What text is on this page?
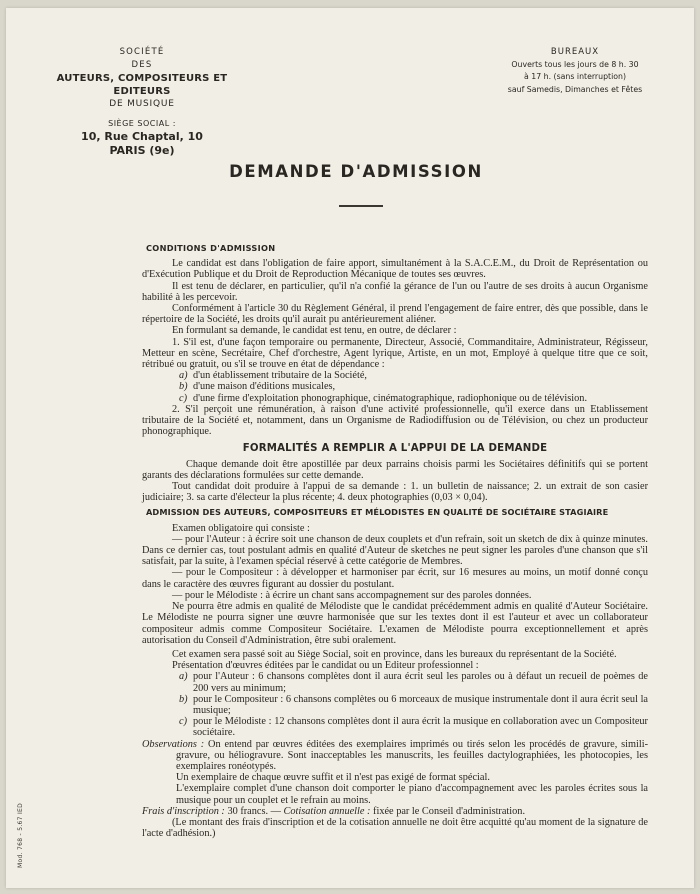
SOCIÉTÉ
DES
AUTEURS, COMPOSITEURS ET EDITEURS
DE MUSIQUE
SIÈGE SOCIAL :
10, Rue Chaptal, 10
PARIS (9e)
BUREAUX
Ouverts tous les jours de 8 h. 30
à 17 h. (sans interruption)
sauf Samedis, Dimanches et Fêtes
DEMANDE D'ADMISSION
CONDITIONS D'ADMISSION

Le candidat est dans l'obligation de faire apport, simultanément à la S.A.C.E.M., du Droit de Représentation ou d'Exécution Publique et du Droit de Reproduction Mécanique de toutes ses œuvres.

Il est tenu de déclarer, en particulier, qu'il n'a confié la gérance de l'un ou l'autre de ses droits à aucun Organisme habilité à les percevoir.

Conformément à l'article 30 du Règlement Général, il prend l'engagement de faire entrer, dès que possible, dans le répertoire de la Société, les droits qu'il aurait pu antérieurement aliéner.

En formulant sa demande, le candidat est tenu, en outre, de déclarer :

1. S'il est, d'une façon temporaire ou permanente, Directeur, Associé, Commanditaire, Administrateur, Régisseur, Metteur en scène, Secrétaire, Chef d'orchestre, Agent lyrique, Artiste, en un mot, Employé à quelque titre que ce soit, rétribué ou gratuit, ou s'il se trouve en état de dépendance :

a) d'un établissement tributaire de la Société,
b) d'une maison d'éditions musicales,
c) d'une firme d'exploitation phonographique, cinématographique, radiophonique ou de télévision.

2. S'il perçoit une rémunération, à raison d'une activité professionnelle, qu'il exerce dans un Etablissement tributaire de la Société et, notamment, dans un Organisme de Radiodiffusion ou de Télévision, ou chez un producteur phonographique.

FORMALITÉS A REMPLIR A L'APPUI DE LA DEMANDE

Chaque demande doit être apostillée par deux parrains choisis parmi les Sociétaires définitifs qui se portent garants des déclarations formulées sur cette demande.

Tout candidat doit produire à l'appui de sa demande : 1. un bulletin de naissance; 2. un extrait de son casier judiciaire; 3. sa carte d'électeur la plus récente; 4. deux photographies (0,03 × 0,04).

ADMISSION DES AUTEURS, COMPOSITEURS ET MÉLODISTES EN QUALITÉ DE SOCIÉTAIRE STAGIAIRE

Examen obligatoire qui consiste :

— pour l'Auteur : à écrire soit une chanson de deux couplets et d'un refrain, soit un sketch de dix à quinze minutes. Dans ce dernier cas, tout postulant admis en qualité d'Auteur de sketches ne peut signer les paroles d'une chanson que s'il satisfait, par la suite, à l'examen spécial réservé à cette catégorie de Membres.

— pour le Compositeur : à développer et harmoniser par écrit, sur 16 mesures au moins, un motif donné conçu dans le caractère des œuvres figurant au dossier du postulant.

— pour le Mélodiste : à écrire un chant sans accompagnement sur des paroles données.

Ne pourra être admis en qualité de Mélodiste que le candidat précédemment admis en qualité d'Auteur Sociétaire. Le Mélodiste ne pourra signer une œuvre harmonisée que sur les textes dont il est l'auteur et avec un collaborateur compositeur admis comme Compositeur Sociétaire. L'examen de Mélodiste pourra exceptionnellement et après autorisation du Conseil d'Administration, être subi oralement.

Cet examen sera passé soit au Siège Social, soit en province, dans les bureaux du représentant de la Société.

Présentation d'œuvres éditées par le candidat ou un Editeur professionnel :

a) pour l'Auteur : 6 chansons complètes dont il aura écrit seul les paroles ou à défaut un recueil de poèmes de 200 vers au minimum;
b) pour le Compositeur : 6 chansons complètes ou 6 morceaux de musique instrumentale dont il aura écrit seul la musique;
c) pour le Mélodiste : 12 chansons complètes dont il aura écrit la musique en collaboration avec un Compositeur sociétaire.

Observations : On entend par œuvres éditées des exemplaires imprimés ou tirés selon les procédés de gravure, simili-gravure, ou héliogravure. Sont inacceptables les manuscrits, les feuilles dactylographiées, les photocopies, les exemplaires ronéotypés.

Un exemplaire de chaque œuvre suffit et il n'est pas exigé de format spécial.

L'exemplaire complet d'une chanson doit comporter le piano d'accompagnement avec les paroles écrites sous la musique pour un couplet et le refrain au moins.

Frais d'inscription : 30 francs. — Cotisation annuelle : fixée par le Conseil d'administration.

(Le montant des frais d'inscription et de la cotisation annuelle ne doit être acquitté qu'au moment de la signature de l'acte d'adhésion.)

Mod. 768 - 5.67 IED
